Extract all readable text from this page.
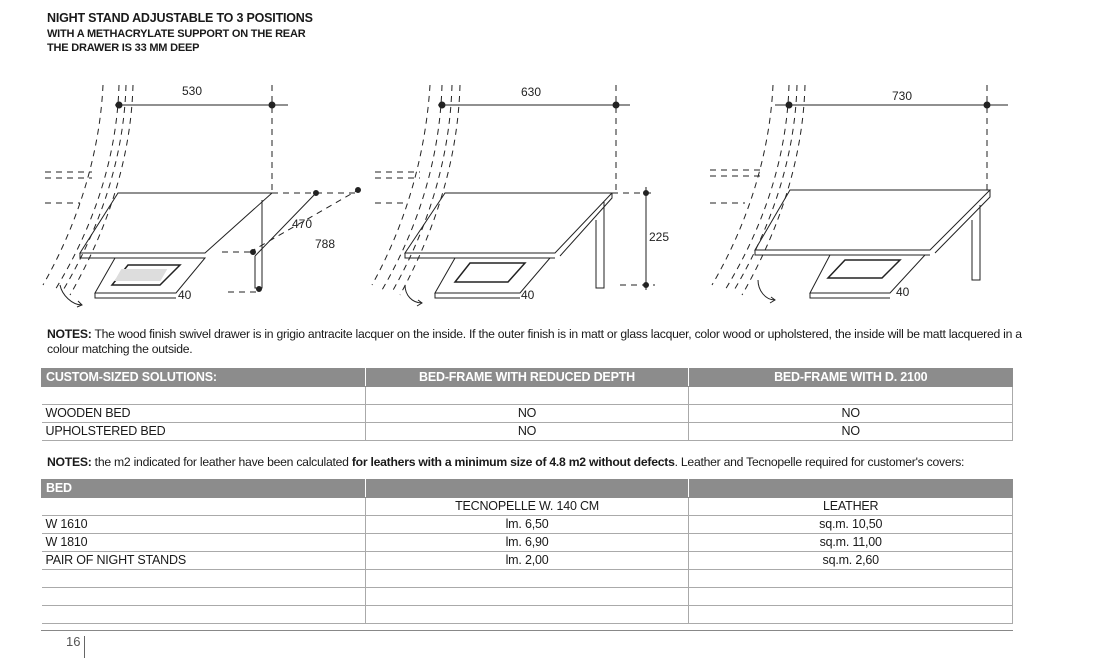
NIGHT STAND ADJUSTABLE TO 3 POSITIONS
WITH A METHACRYLATE SUPPORT ON THE REAR
THE DRAWER IS 33 MM DEEP
530
470
788
40
630
225
40
730
40
NOTES: The wood finish swivel drawer is in grigio antracite lacquer on the inside. If the outer finish is in matt or glass lacquer, color wood or upholstered, the inside will be matt lacquered in a colour matching the outside.
CUSTOM-SIZED SOLUTIONS:	BED-FRAME WITH REDUCED DEPTH	BED-FRAME WITH D. 2100

WOODEN BED	NO	NO
UPHOLSTERED BED	NO	NO
NOTES: the m2 indicated for leather have been calculated for leathers with a minimum size of 4.8 m2 without defects. Leather and Tecnopelle required for customer's covers:
BED		
	TECNOPELLE W. 140 CM	LEATHER
W 1610	lm. 6,50	sq.m. 10,50
W 1810	lm. 6,90	sq.m. 11,00
PAIR OF NIGHT STANDS	lm. 2,00	sq.m. 2,60

16
